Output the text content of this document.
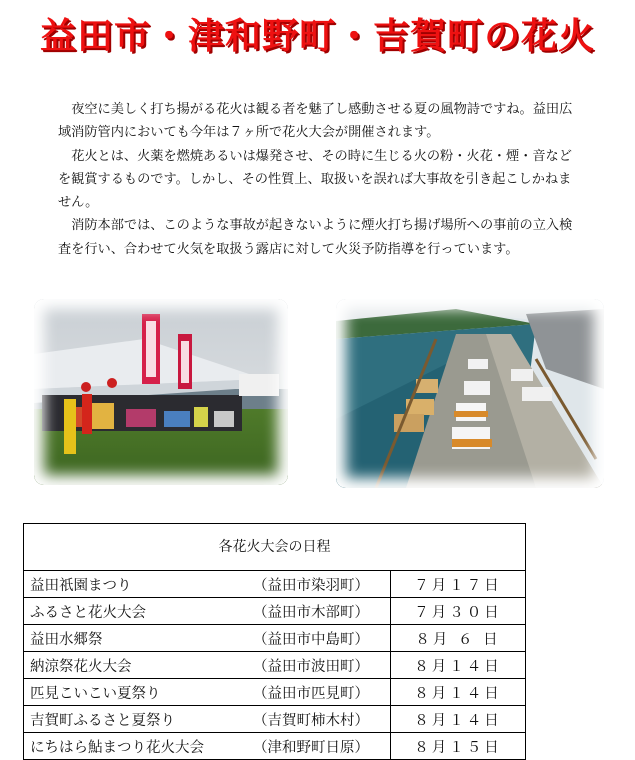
益田市・津和野町・吉賀町の花火

夜空に美しく打ち揚がる花火は観る者を魅了し感動させる夏の風物詩ですね。益田広域消防管内においても今年は７ヶ所で花火大会が開催されます。

花火とは、火薬を燃焼あるいは爆発させ、その時に生じる火の粉・火花・煙・音などを観賞するものです。しかし、その性質上、取扱いを誤れば大事故を引き起こしかねません。

消防本部では、このような事故が起きないように煙火打ち揚げ場所への事前の立入検査を行い、合わせて火気を取扱う露店に対して火災予防指導を行っています。

各花火大会の日程
益田祇園まつり	（益田市染羽町）	７月１７日
ふるさと花火大会	（益田市木部町）	７月３０日
益田水郷祭	（益田市中島町）	８月 ６ 日
納涼祭花火大会	（益田市波田町）	８月１４日
匹見こいこい夏祭り	（益田市匹見町）	８月１４日
吉賀町ふるさと夏祭り	（吉賀町柿木村）	８月１４日
にちはら鮎まつり花火大会	（津和野町日原）	８月１５日
